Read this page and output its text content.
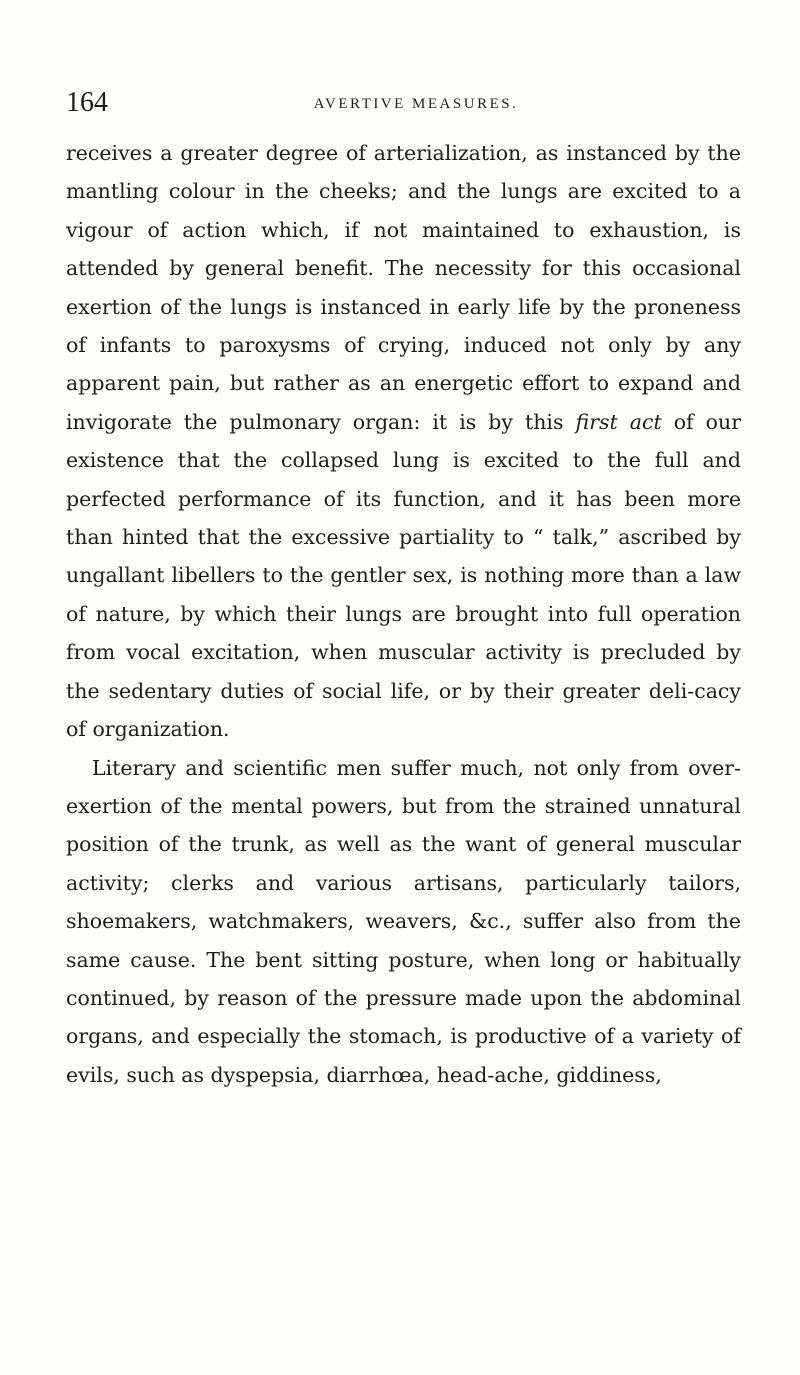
164	AVERTIVE MEASURES.

receives a greater degree of arterialization, as instanced by the mantling colour in the cheeks; and the lungs are excited to a vigour of action which, if not maintained to exhaustion, is attended by general benefit. The necessity for this occasional exertion of the lungs is instanced in early life by the proneness of infants to paroxysms of crying, induced not only by any apparent pain, but rather as an energetic effort to expand and invigorate the pulmonary organ: it is by this first act of our existence that the collapsed lung is excited to the full and perfected performance of its function, and it has been more than hinted that the excessive partiality to “ talk,” ascribed by ungallant libellers to the gentler sex, is nothing more than a law of nature, by which their lungs are brought into full operation from vocal excitation, when muscular activity is precluded by the sedentary duties of social life, or by their greater deli-cacy of organization.

Literary and scientific men suffer much, not only from over-exertion of the mental powers, but from the strained unnatural position of the trunk, as well as the want of general muscular activity; clerks and various artisans, particularly tailors, shoemakers, watchmakers, weavers, &c., suffer also from the same cause. The bent sitting posture, when long or habitually continued, by reason of the pressure made upon the abdominal organs, and especially the stomach, is productive of a variety of evils, such as dyspepsia, diarrhœa, head-ache, giddiness,
